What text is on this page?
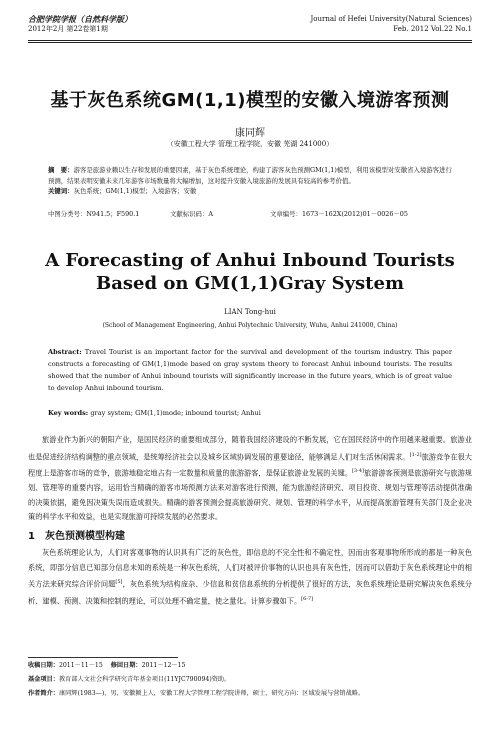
合肥学院学报（自然科学版）
2012年2月 第22卷第1期
Journal of Hefei University(Natural Sciences)
Feb. 2012 Vol.22 No.1
基于灰色系统GM(1,1)模型的安徽入境游客预测
康同辉
（安徽工程大学 管理工程学院，安徽 芜湖 241000）
摘　要：游客是旅游业赖以生存和发展的重要因素，基于灰色系统理论，构建了游客灰色预测GM(1,1)模型，利用该模型对安徽省入境游客进行预测，结果表明安徽未来几年游客市场数量将大幅增加，这对提升安徽入境旅游的发展具有较高的参考价值。
关键词：灰色系统；GM(1,1)模型；入境游客；安徽
中图分类号：N941.5；F590.1	文献标识码：A	文章编号：1673－162X(2012)01－0026－05
A Forecasting of Anhui Inbound Tourists
Based on GM(1,1)Gray System
LIAN Tong-hui
(School of Management Engineering, Anhui Polytechnic University, Wuhu, Anhui 241000, China)
Abstract: Travel Tourist is an important factor for the survival and development of the tourism industry. This paper constructs a forecasting of GM(1,1)mode based on gray system theory to forecast Anhui inbound tourists. The results showed that the number of Anhui inbound tourists will significantly increase in the future years, which is of great value to develop Anhui inbound tourism.
Key words: gray system; GM(1,1)mode; inbound tourist; Anhui
旅游业作为新兴的朝阳产业，是国民经济的重要组成部分，随着我国经济建设的不断发展，它在国民经济中的作用越来越重要。旅游业也是促进经济结构调整的重点领域，是统筹经济社会以及城乡区域协调发展的重要途径，能够满足人们对生活休闲需求。[1-2]旅游竞争在很大程度上是游客市场的竞争，旅游地稳定地占有一定数量和质量的旅游游客，是保证旅游业发展的关键。[3-4]旅游游客预测是旅游研究与旅游规划、管理等的重要内容，运用恰当精确的游客市场预测方法来对游客进行预测，能为旅游经济研究、项目投资、规划与管理等活动提供准确的决策依据，避免因决策失误而造成损失。精确的游客预测会提高旅游研究、规划、管理的科学水平，从而提高旅游管理有关部门及企业决策的科学水平和效益，也是实现旅游可持续发展的必然要求。
1　灰色预测模型构建
灰色系统理论认为，人们对客观事物的认识具有广泛的灰色性，即信息的不完全性和不确定性，因而由客观事物所形成的都是一种灰色系统，即部分信息已知部分信息未知的系统是一种灰色系统，人们对被评价事物的认识也具有灰色性，因而可以借助于灰色系统理论中的相关方法来研究综合评价问题[5]，灰色系统为结构庞杂、少信息和贫信息系统的分析提供了很好的方法，灰色系统理论是研究解决灰色系统分析、建模、预测、决策和控制的理论，可以处理不确定量，使之量化。计算步骤如下。[6-7]
收稿日期：2011－11－15 修回日期：2011－12－15
基金项目：教育部人文社会科学研究青年基金项目(11YJC790094)资助。
作者简介：康同辉(1983—)，男，安徽颍上人，安徽工程大学管理工程学院讲师，硕士，研究方向：区域发展与营销战略。
